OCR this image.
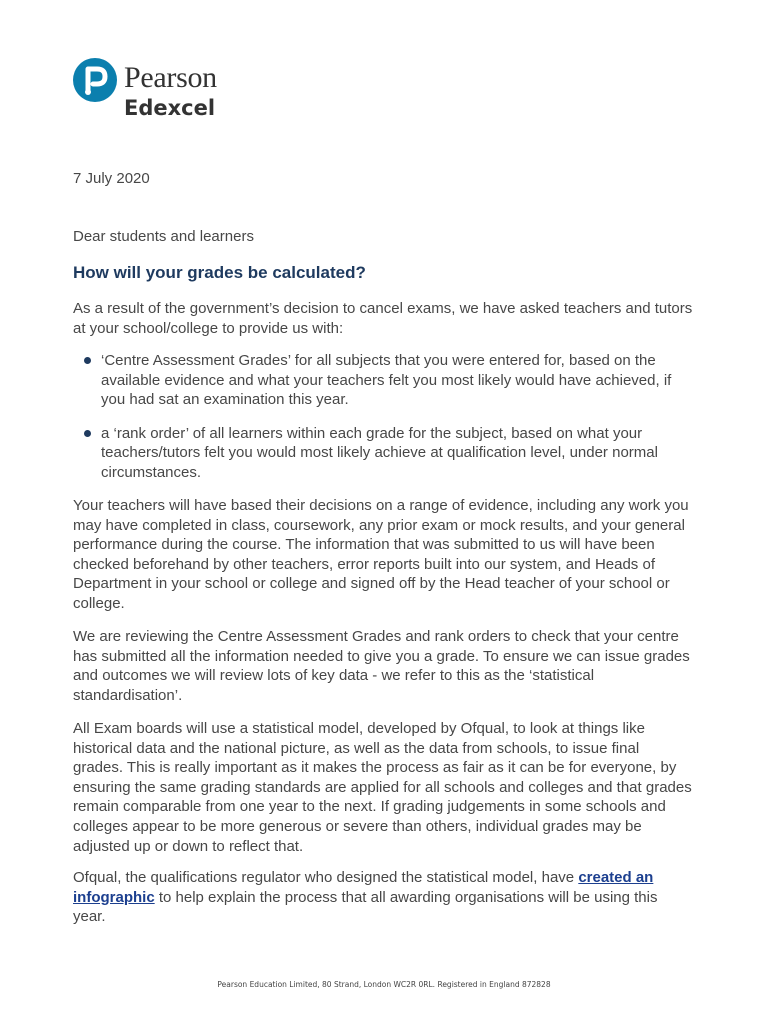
Pearson
Edexcel
7 July 2020
Dear students and learners
How will your grades be calculated?
As a result of the government’s decision to cancel exams, we have asked teachers and tutors at your school/college to provide us with:
‘Centre Assessment Grades’ for all subjects that you were entered for, based on the available evidence and what your teachers felt you most likely would have achieved, if you had sat an examination this year.
a ‘rank order’ of all learners within each grade for the subject, based on what your teachers/tutors felt you would most likely achieve at qualification level, under normal circumstances.
Your teachers will have based their decisions on a range of evidence, including any work you may have completed in class, coursework, any prior exam or mock results, and your general performance during the course. The information that was submitted to us will have been checked beforehand by other teachers, error reports built into our system, and Heads of Department in your school or college and signed off by the Head teacher of your school or college.
We are reviewing the Centre Assessment Grades and rank orders to check that your centre has submitted all the information needed to give you a grade. To ensure we can issue grades and outcomes we will review lots of key data - we refer to this as the ‘statistical standardisation’.
All Exam boards will use a statistical model, developed by Ofqual, to look at things like historical data and the national picture, as well as the data from schools, to issue final grades. This is really important as it makes the process as fair as it can be for everyone, by ensuring the same grading standards are applied for all schools and colleges and that grades remain comparable from one year to the next. If grading judgements in some schools and colleges appear to be more generous or severe than others, individual grades may be adjusted up or down to reflect that.
Ofqual, the qualifications regulator who designed the statistical model, have created an infographic to help explain the process that all awarding organisations will be using this year.
Pearson Education Limited, 80 Strand, London WC2R 0RL. Registered in England 872828
